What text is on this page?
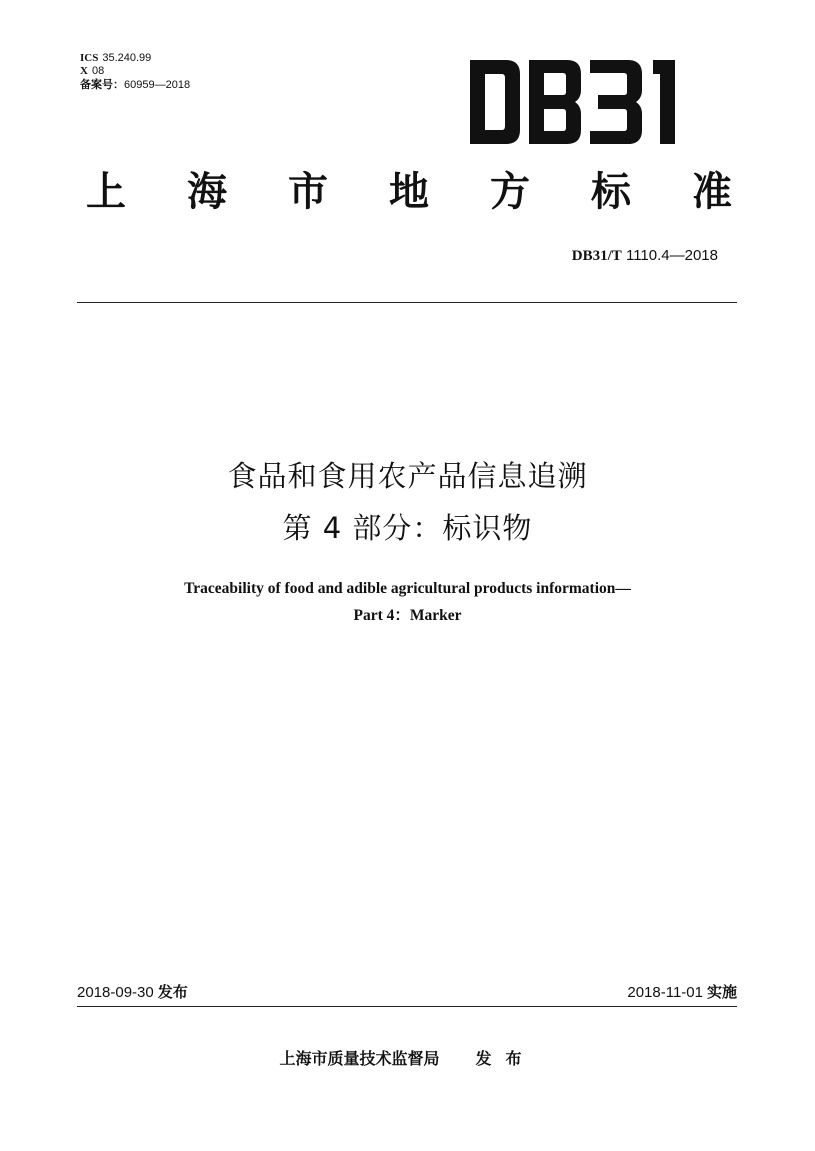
ICS 35.240.99
X 08
备案号：60959—2018
上 海 市 地 方 标 准
DB31/T 1110.4—2018
食品和食用农产品信息追溯
第 4 部分：标识物
Traceability of food and adible agricultural products information—
Part 4：Marker
2018-09-30 发布	2018-11-01 实施
上海市质量技术监督局 发布
